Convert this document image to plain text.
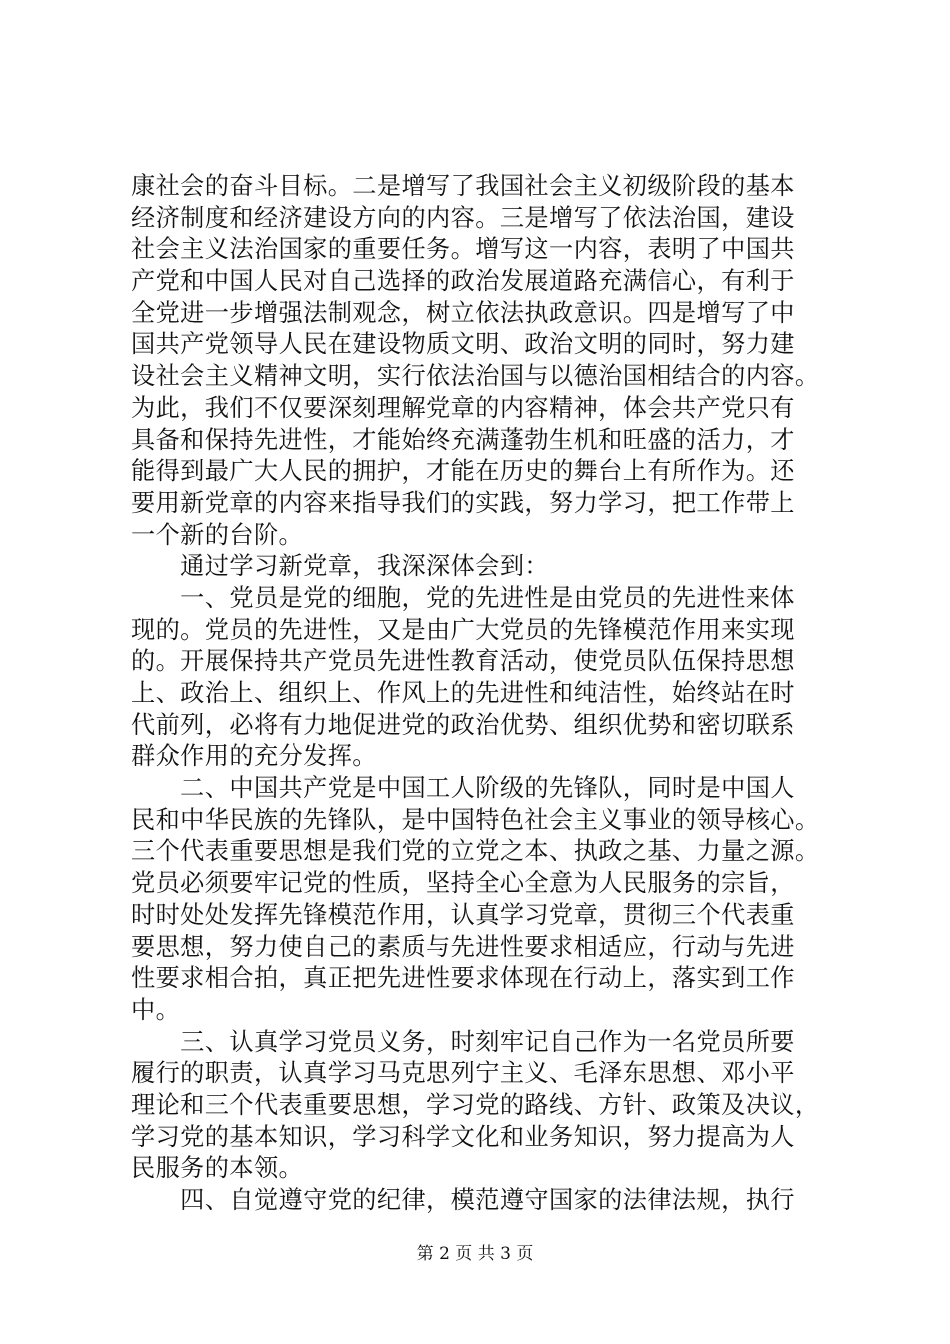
康社会的奋斗目标。二是增写了我国社会主义初级阶段的基本
经济制度和经济建设方向的内容。三是增写了依法治国，建设
社会主义法治国家的重要任务。增写这一内容，表明了中国共
产党和中国人民对自己选择的政治发展道路充满信心，有利于
全党进一步增强法制观念，树立依法执政意识。四是增写了中
国共产党领导人民在建设物质文明、政治文明的同时，努力建
设社会主义精神文明，实行依法治国与以德治国相结合的内容。
为此，我们不仅要深刻理解党章的内容精神，体会共产党只有
具备和保持先进性，才能始终充满蓬勃生机和旺盛的活力，才
能得到最广大人民的拥护，才能在历史的舞台上有所作为。还
要用新党章的内容来指导我们的实践，努力学习，把工作带上
一个新的台阶。
　　通过学习新党章，我深深体会到：
　　一、党员是党的细胞，党的先进性是由党员的先进性来体
现的。党员的先进性，又是由广大党员的先锋模范作用来实现
的。开展保持共产党员先进性教育活动，使党员队伍保持思想
上、政治上、组织上、作风上的先进性和纯洁性，始终站在时
代前列，必将有力地促进党的政治优势、组织优势和密切联系
群众作用的充分发挥。
　　二、中国共产党是中国工人阶级的先锋队，同时是中国人
民和中华民族的先锋队，是中国特色社会主义事业的领导核心。
三个代表重要思想是我们党的立党之本、执政之基、力量之源。
党员必须要牢记党的性质，坚持全心全意为人民服务的宗旨，
时时处处发挥先锋模范作用，认真学习党章，贯彻三个代表重
要思想，努力使自己的素质与先进性要求相适应，行动与先进
性要求相合拍，真正把先进性要求体现在行动上，落实到工作
中。
　　三、认真学习党员义务，时刻牢记自己作为一名党员所要
履行的职责，认真学习马克思列宁主义、毛泽东思想、邓小平
理论和三个代表重要思想，学习党的路线、方针、政策及决议，
学习党的基本知识，学习科学文化和业务知识，努力提高为人
民服务的本领。
　　四、自觉遵守党的纪律，模范遵守国家的法律法规，执行
第 2 页 共 3 页
